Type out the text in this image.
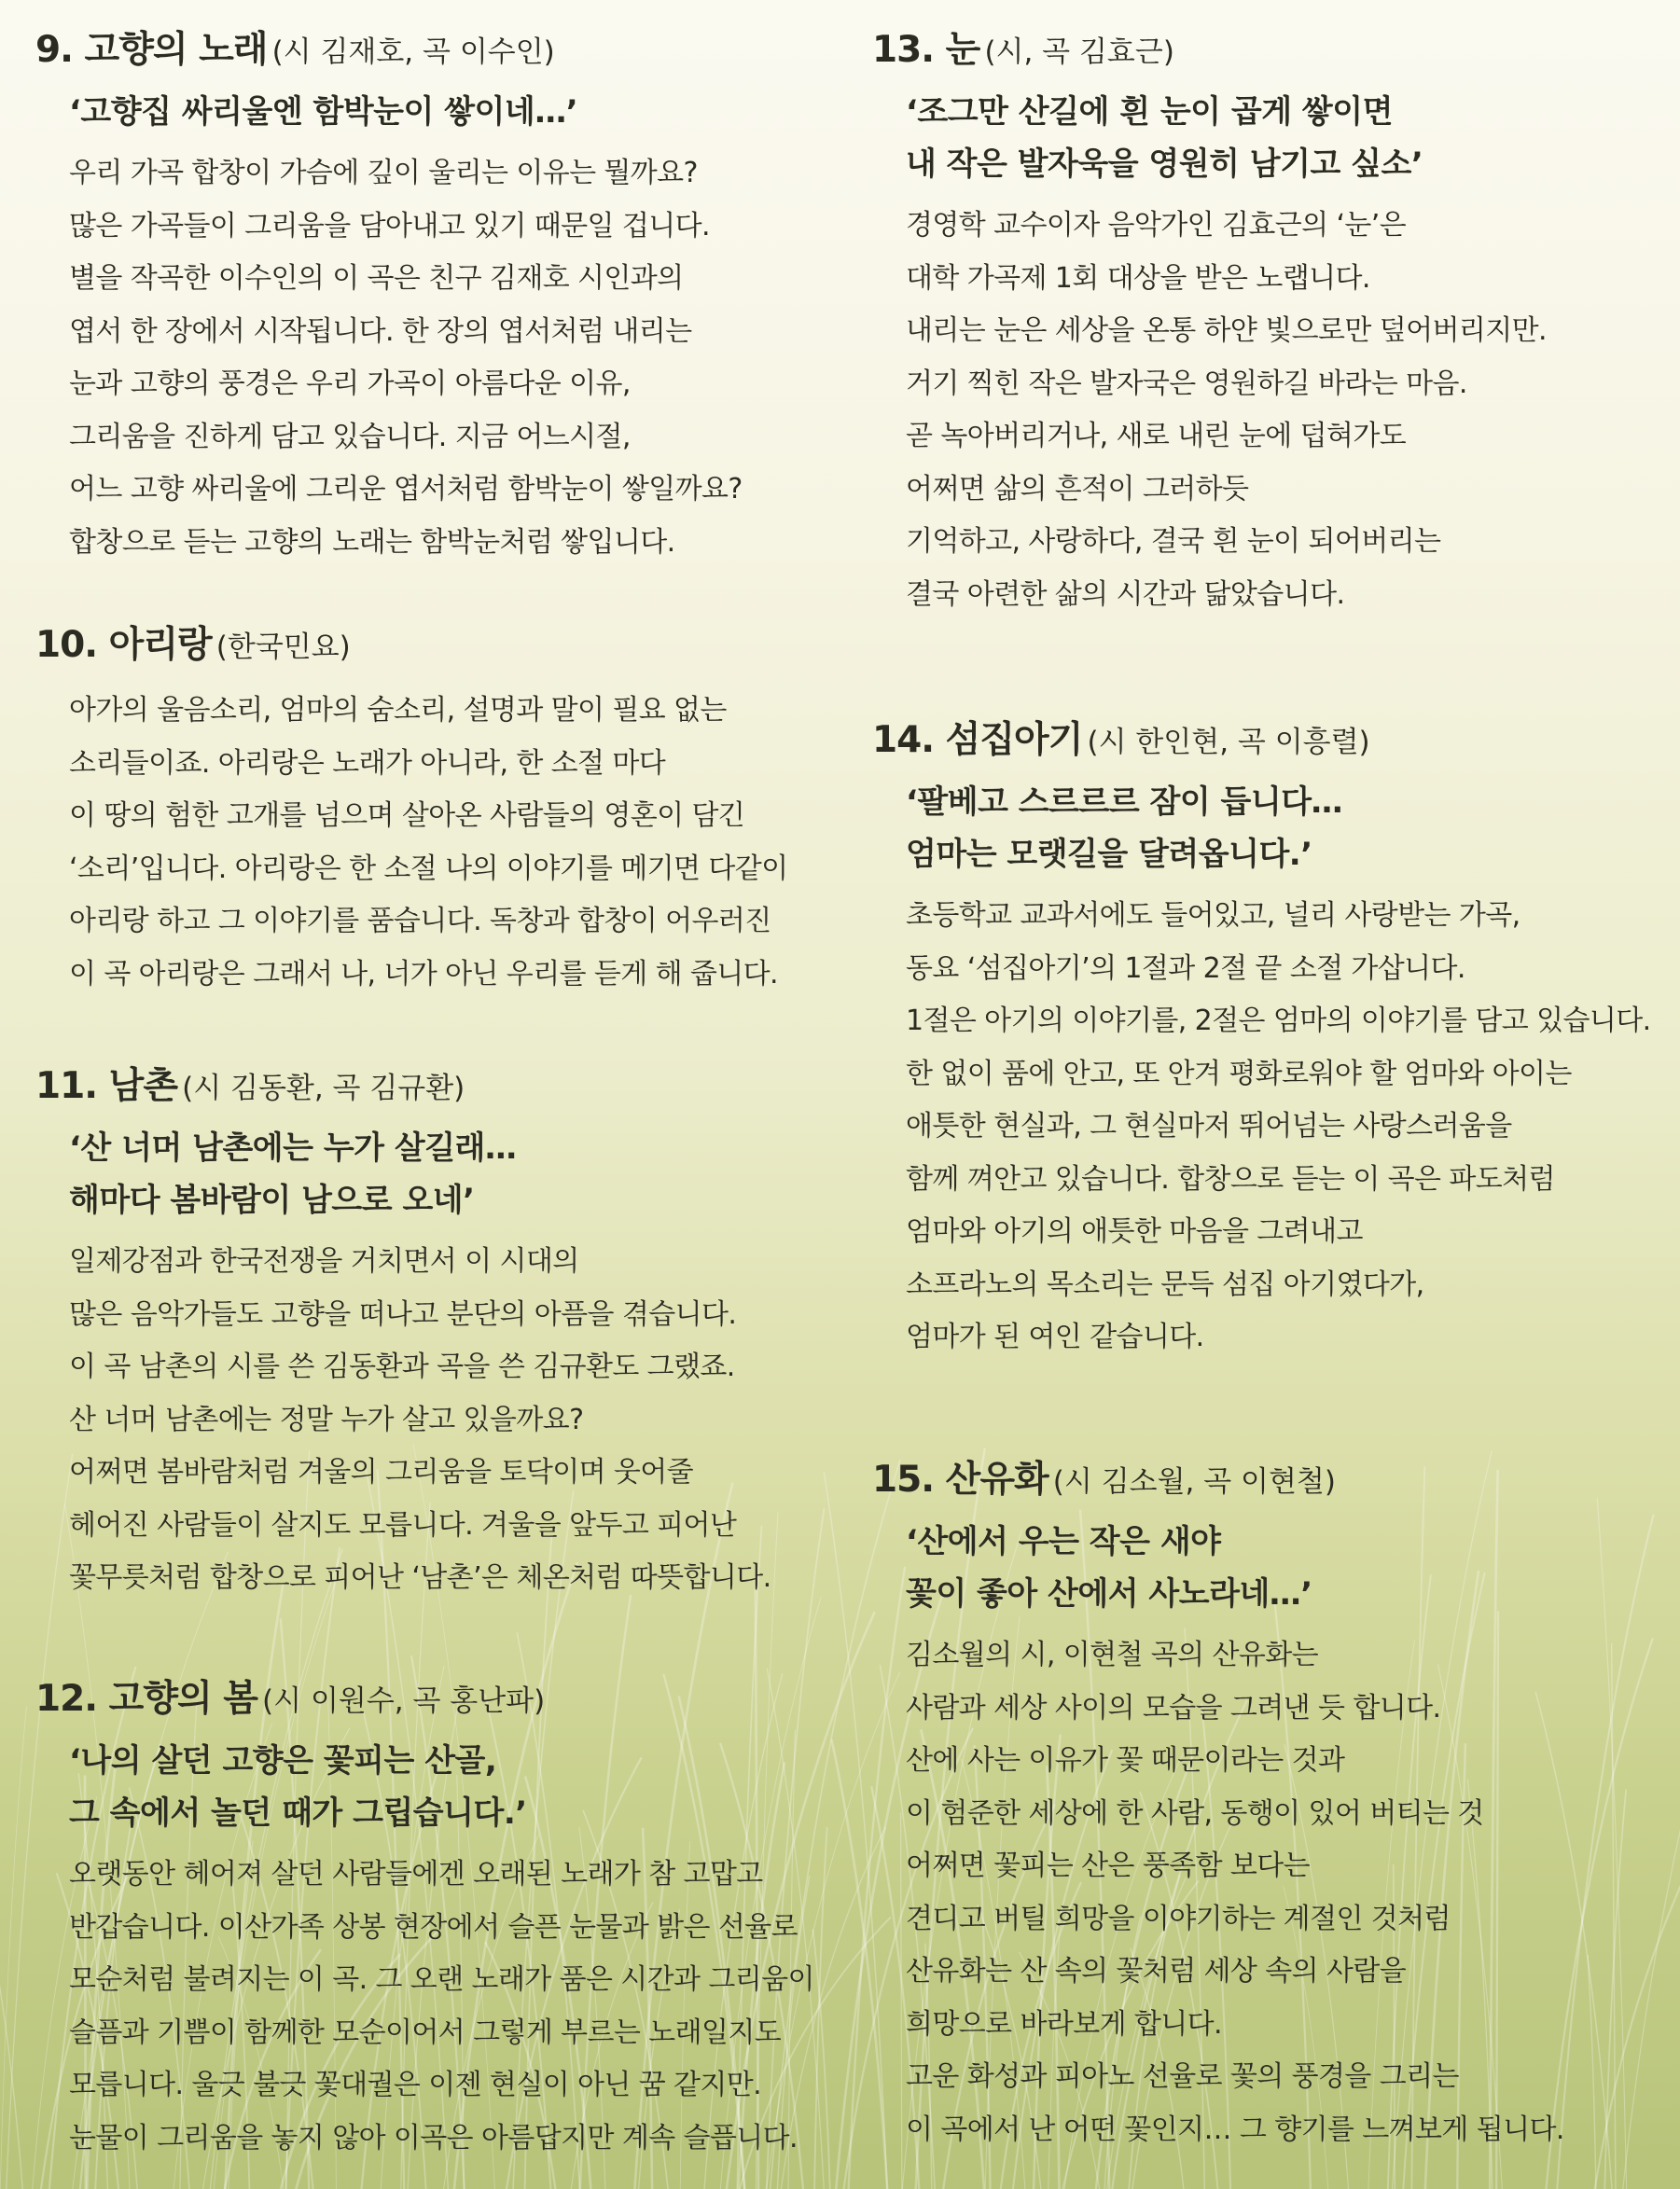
9. 고향의 노래 (시 김재호, 곡 이수인)
‘고향집 싸리울엔 함박눈이 쌓이네…’
우리 가곡 합창이 가슴에 깊이 울리는 이유는 뭘까요?
많은 가곡들이 그리움을 담아내고 있기 때문일 겁니다.
별을 작곡한 이수인의 이 곡은 친구 김재호 시인과의
엽서 한 장에서 시작됩니다. 한 장의 엽서처럼 내리는
눈과 고향의 풍경은 우리 가곡이 아름다운 이유,
그리움을 진하게 담고 있습니다. 지금 어느시절,
어느 고향 싸리울에 그리운 엽서처럼 함박눈이 쌓일까요?
합창으로 듣는 고향의 노래는 함박눈처럼 쌓입니다.
10. 아리랑 (한국민요)
아가의 울음소리, 엄마의 숨소리, 설명과 말이 필요 없는
소리들이죠. 아리랑은 노래가 아니라, 한 소절 마다
이 땅의 험한 고개를 넘으며 살아온 사람들의 영혼이 담긴
‘소리’입니다. 아리랑은 한 소절 나의 이야기를 메기면 다같이
아리랑 하고 그 이야기를 품습니다. 독창과 합창이 어우러진
이 곡 아리랑은 그래서 나, 너가 아닌 우리를 듣게 해 줍니다.
11. 남촌 (시 김동환, 곡 김규환)
‘산 너머 남촌에는 누가 살길래…
해마다 봄바람이 남으로 오네’
일제강점과 한국전쟁을 거치면서 이 시대의
많은 음악가들도 고향을 떠나고 분단의 아픔을 겪습니다.
이 곡 남촌의 시를 쓴 김동환과 곡을 쓴 김규환도 그랬죠.
산 너머 남촌에는 정말 누가 살고 있을까요?
어쩌면 봄바람처럼 겨울의 그리움을 토닥이며 웃어줄
헤어진 사람들이 살지도 모릅니다. 겨울을 앞두고 피어난
꽃무릇처럼 합창으로 피어난 ‘남촌’은 체온처럼 따뜻합니다.
12. 고향의 봄 (시 이원수, 곡 홍난파)
‘나의 살던 고향은 꽃피는 산골,
그 속에서 놀던 때가 그립습니다.’
오랫동안 헤어져 살던 사람들에겐 오래된 노래가 참 고맙고
반갑습니다. 이산가족 상봉 현장에서 슬픈 눈물과 밝은 선율로
모순처럼 불려지는 이 곡. 그 오랜 노래가 품은 시간과 그리움이
슬픔과 기쁨이 함께한 모순이어서 그렇게 부르는 노래일지도
모릅니다. 울긋 불긋 꽃대궐은 이젠 현실이 아닌 꿈 같지만.
눈물이 그리움을 놓지 않아 이곡은 아름답지만 계속 슬픕니다.
13. 눈 (시, 곡 김효근)
‘조그만 산길에 흰 눈이 곱게 쌓이면
내 작은 발자욱을 영원히 남기고 싶소’
경영학 교수이자 음악가인 김효근의 ‘눈’은
대학 가곡제 1회 대상을 받은 노랩니다.
내리는 눈은 세상을 온통 하얀 빛으로만 덮어버리지만.
거기 찍힌 작은 발자국은 영원하길 바라는 마음.
곧 녹아버리거나, 새로 내린 눈에 덥혀가도
어쩌면 삶의 흔적이 그러하듯
기억하고, 사랑하다, 결국 흰 눈이 되어버리는
결국 아련한 삶의 시간과 닮았습니다.
14. 섬집아기 (시 한인현, 곡 이흥렬)
‘팔베고 스르르르 잠이 듭니다…
엄마는 모랫길을 달려옵니다.’
초등학교 교과서에도 들어있고, 널리 사랑받는 가곡,
동요 ‘섬집아기’의 1절과 2절 끝 소절 가삽니다.
1절은 아기의 이야기를, 2절은 엄마의 이야기를 담고 있습니다.
한 없이 품에 안고, 또 안겨 평화로워야 할 엄마와 아이는
애틋한 현실과, 그 현실마저 뛰어넘는 사랑스러움을
함께 껴안고 있습니다. 합창으로 듣는 이 곡은 파도처럼
엄마와 아기의 애틋한 마음을 그려내고
소프라노의 목소리는 문득 섬집 아기였다가,
엄마가 된 여인 같습니다.
15. 산유화 (시 김소월, 곡 이현철)
‘산에서 우는 작은 새야
꽃이 좋아 산에서 사노라네…’
김소월의 시, 이현철 곡의 산유화는
사람과 세상 사이의 모습을 그려낸 듯 합니다.
산에 사는 이유가 꽃 때문이라는 것과
이 험준한 세상에 한 사람, 동행이 있어 버티는 것
어쩌면 꽃피는 산은 풍족함 보다는
견디고 버틸 희망을 이야기하는 계절인 것처럼
산유화는 산 속의 꽃처럼 세상 속의 사람을
희망으로 바라보게 합니다.
고운 화성과 피아노 선율로 꽃의 풍경을 그리는
이 곡에서 난 어떤 꽃인지… 그 향기를 느껴보게 됩니다.
